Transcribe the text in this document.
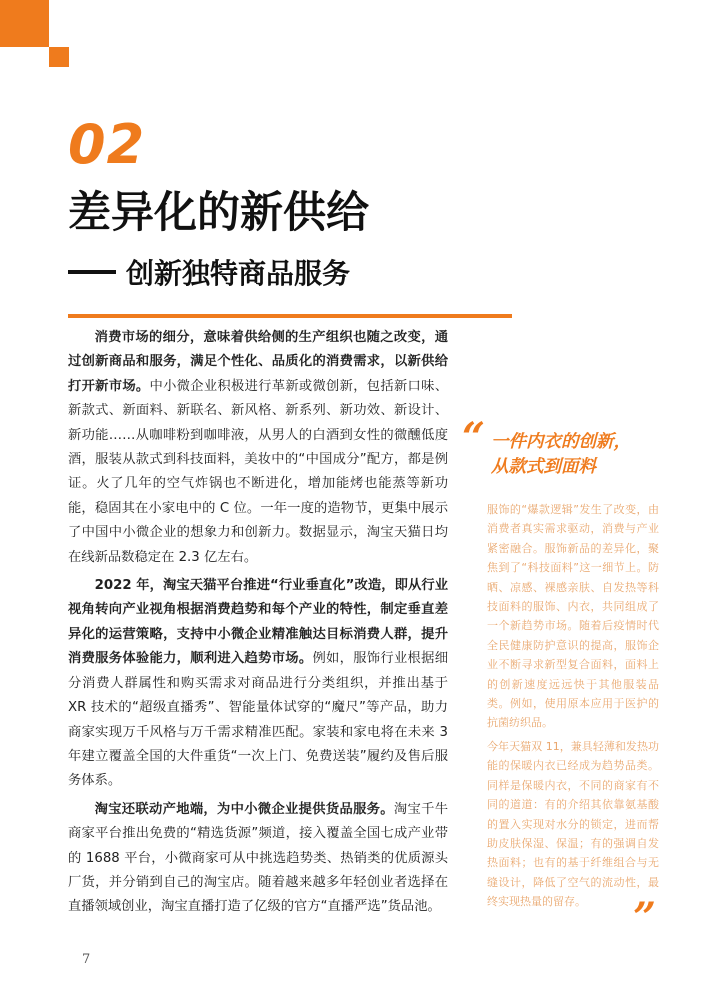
02
差异化的新供给
创新独特商品服务

消费市场的细分，意味着供给侧的生产组织也随之改变，通过创新商品和服务，满足个性化、品质化的消费需求，以新供给打开新市场。中小微企业积极进行革新或微创新，包括新口味、新款式、新面料、新联名、新风格、新系列、新功效、新设计、新功能……从咖啡粉到咖啡液，从男人的白酒到女性的微醺低度酒，服装从款式到科技面料，美妆中的“中国成分”配方，都是例证。火了几年的空气炸锅也不断进化，增加能烤也能蒸等新功能，稳固其在小家电中的 C 位。一年一度的造物节，更集中展示了中国中小微企业的想象力和创新力。数据显示，淘宝天猫日均在线新品数稳定在 2.3 亿左右。

2022 年，淘宝天猫平台推进“行业垂直化”改造，即从行业视角转向产业视角根据消费趋势和每个产业的特性，制定垂直差异化的运营策略，支持中小微企业精准触达目标消费人群，提升消费服务体验能力，顺利进入趋势市场。例如，服饰行业根据细分消费人群属性和购买需求对商品进行分类组织，并推出基于 XR 技术的“超级直播秀”、智能量体试穿的“魔尺”等产品，助力商家实现万千风格与万千需求精准匹配。家装和家电将在未来 3 年建立覆盖全国的大件重货“一次上门、免费送装”履约及售后服务体系。

淘宝还联动产地端，为中小微企业提供货品服务。淘宝千牛商家平台推出免费的“精选货源”频道，接入覆盖全国七成产业带的 1688 平台，小微商家可从中挑选趋势类、热销类的优质源头厂货，并分销到自己的淘宝店。随着越来越多年轻创业者选择在直播领域创业，淘宝直播打造了亿级的官方“直播严选”货品池。

“ 一件内衣的创新，
从款式到面料

服饰的“爆款逻辑”发生了改变，由消费者真实需求驱动，消费与产业紧密融合。服饰新品的差异化，聚焦到了“科技面料”这一细节上。防晒、凉感、裸感亲肤、自发热等科技面料的服饰、内衣，共同组成了一个新趋势市场。随着后疫情时代全民健康防护意识的提高，服饰企业不断寻求新型复合面料，面料上的创新速度远远快于其他服装品类。例如，使用原本应用于医护的抗菌纺织品。

今年天猫双 11，兼具轻薄和发热功能的保暖内衣已经成为趋势品类。同样是保暖内衣，不同的商家有不同的道道：有的介绍其依靠氨基酸的置入实现对水分的锁定，进而帮助皮肤保湿、保温；有的强调自发热面料；也有的基于纤维组合与无缝设计，降低了空气的流动性，最终实现热量的留存。	”
7
